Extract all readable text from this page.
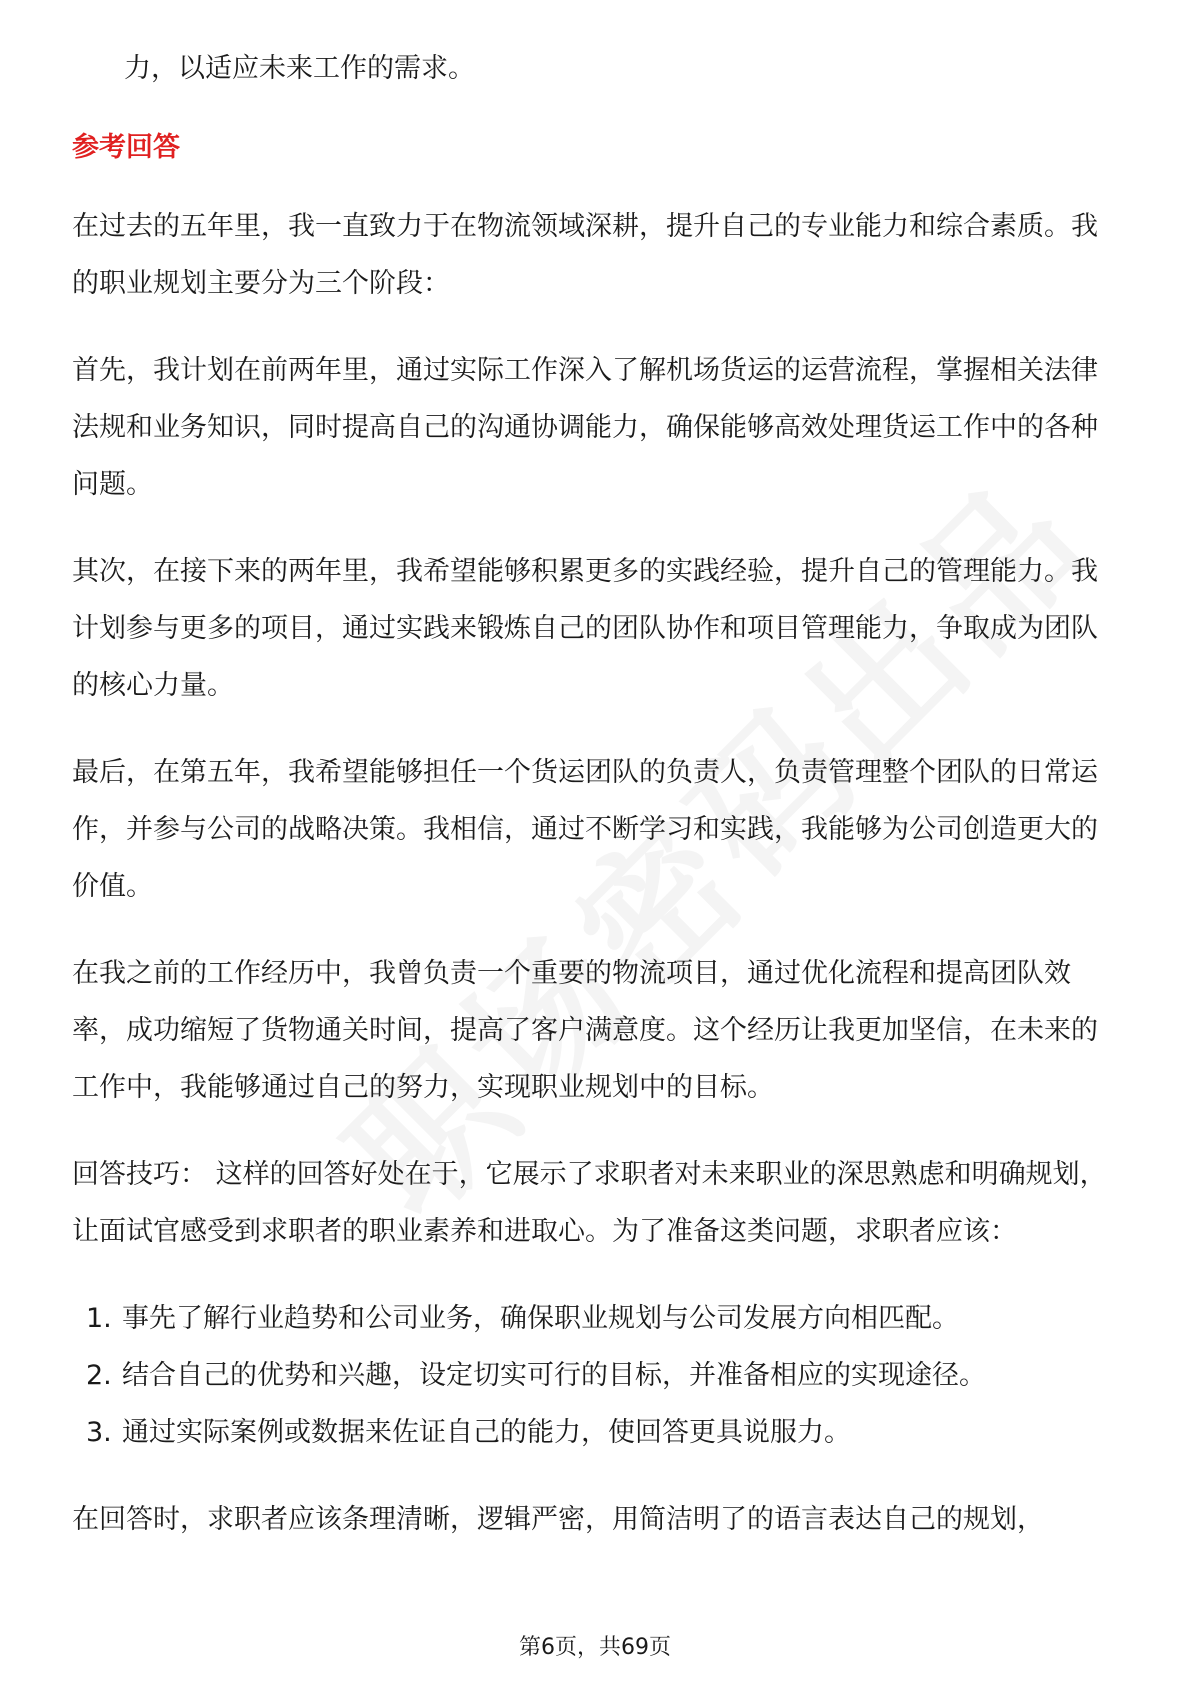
力，以适应未来工作的需求。

参考回答

在过去的五年里，我一直致力于在物流领域深耕，提升自己的专业能力和综合素质。我的职业规划主要分为三个阶段：

首先，我计划在前两年里，通过实际工作深入了解机场货运的运营流程，掌握相关法律法规和业务知识，同时提高自己的沟通协调能力，确保能够高效处理货运工作中的各种问题。

其次，在接下来的两年里，我希望能够积累更多的实践经验，提升自己的管理能力。我计划参与更多的项目，通过实践来锻炼自己的团队协作和项目管理能力，争取成为团队的核心力量。

最后，在第五年，我希望能够担任一个货运团队的负责人，负责管理整个团队的日常运作，并参与公司的战略决策。我相信，通过不断学习和实践，我能够为公司创造更大的价值。

在我之前的工作经历中，我曾负责一个重要的物流项目，通过优化流程和提高团队效率，成功缩短了货物通关时间，提高了客户满意度。这个经历让我更加坚信，在未来的工作中，我能够通过自己的努力，实现职业规划中的目标。

回答技巧： 这样的回答好处在于，它展示了求职者对未来职业的深思熟虑和明确规划，让面试官感受到求职者的职业素养和进取心。为了准备这类问题，求职者应该：

1. 事先了解行业趋势和公司业务，确保职业规划与公司发展方向相匹配。
2. 结合自己的优势和兴趣，设定切实可行的目标，并准备相应的实现途径。
3. 通过实际案例或数据来佐证自己的能力，使回答更具说服力。

在回答时，求职者应该条理清晰，逻辑严密，用简洁明了的语言表达自己的规划，

第6页，共69页
